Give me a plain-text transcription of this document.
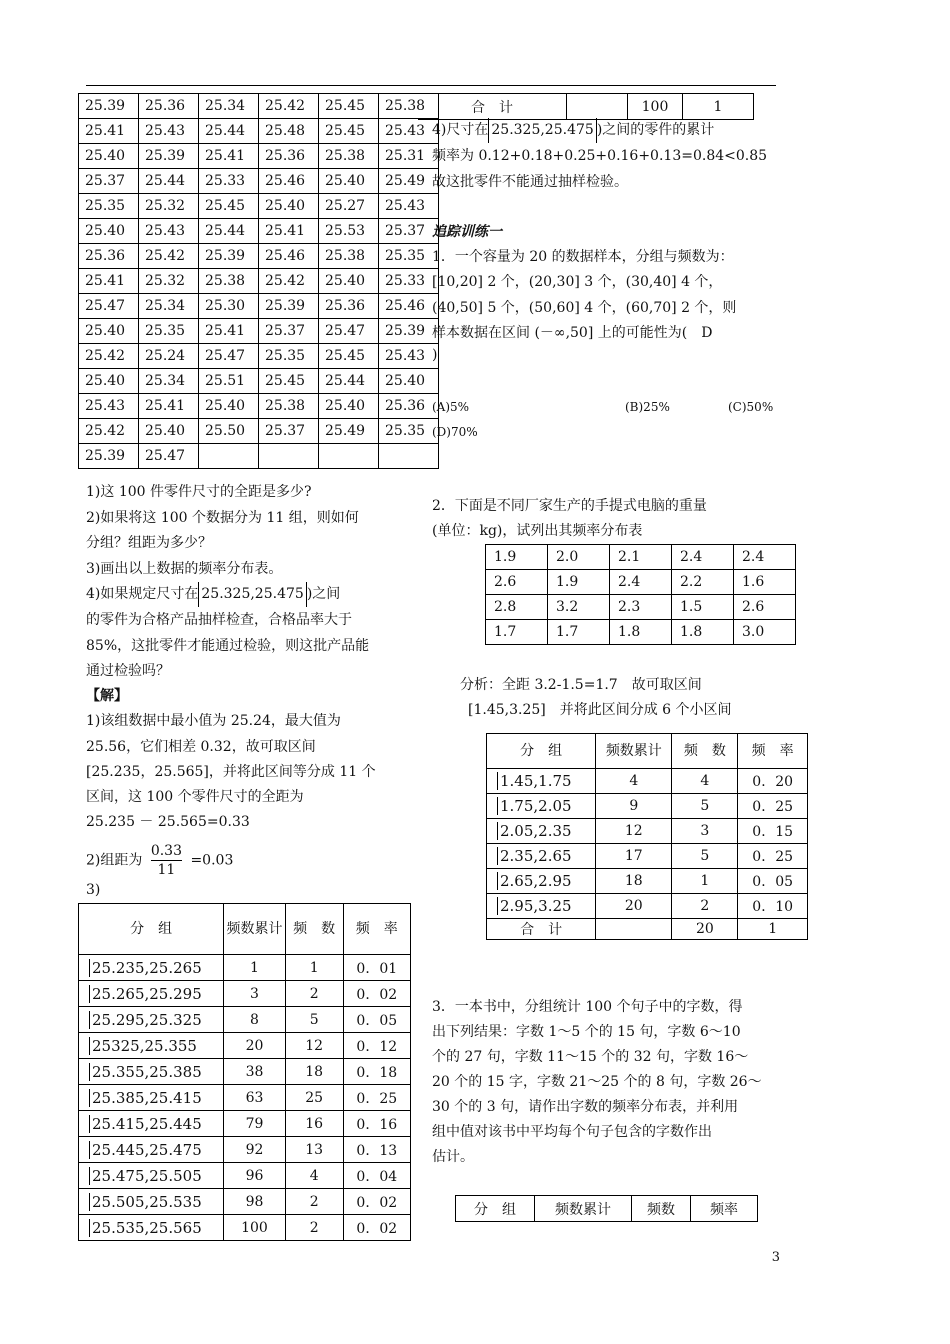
25.39	25.36	25.34	25.42	25.45	25.38
25.41	25.43	25.44	25.48	25.45	25.43
25.40	25.39	25.41	25.36	25.38	25.31
25.37	25.44	25.33	25.46	25.40	25.49
25.35	25.32	25.45	25.40	25.27	25.43
25.40	25.43	25.44	25.41	25.53	25.37
25.36	25.42	25.39	25.46	25.38	25.35
25.41	25.32	25.38	25.42	25.40	25.33
25.47	25.34	25.30	25.39	25.36	25.46
25.40	25.35	25.41	25.37	25.47	25.39
25.42	25.24	25.47	25.35	25.45	25.43
25.40	25.34	25.51	25.45	25.44	25.40
25.43	25.41	25.40	25.38	25.40	25.36
25.42	25.40	25.50	25.37	25.49	25.35
25.39	25.47				
1)这 100 件零件尺寸的全距是多少?
2)如果将这 100 个数据分为 11 组，则如何
分组？组距为多少？
3)画出以上数据的频率分布表。
4)如果规定尺寸在 25.325,25.475 )之间
的零件为合格产品抽样检查，合格品率大于
85%，这批零件才能通过检验，则这批产品能
通过检验吗？
【解】
1)该组数据中最小值为 25.24，最大值为
25.56，它们相差 0.32，故可取区间
[25.235，25.565]，并将此区间等分成 11 个
区间，这 100 个零件尺寸的全距为
25.235 － 25.565=0.33
2)组距为 $\frac{0.33}{11} =0.03$
3)
分　组	频数累计	频　数	频　率
25.235,25.265	1	1	0．01
25.265,25.295	3	2	0．02
25.295,25.325	8	5	0．05
25325,25.355	20	12	0．12
25.355,25.385	38	18	0．18
25.385,25.415	63	25	0．25
25.415,25.445	79	16	0．16
25.445,25.475	92	13	0．13
25.475,25.505	96	4	0．04
25.505,25.535	98	2	0．02
25.535,25.565	100	2	0．02
合　计		100	1
4)尺寸在 25.325,25.475 )之间的零件的累计
频率为 0.12+0.18+0.25+0.16+0.13=0.84<0.85
故这批零件不能通过抽样检验。
追踪训练一
1．一个容量为 20 的数据样本，分组与频数为：
[10,20] 2 个，(20,30] 3 个，(30,40] 4 个，
(40,50] 5 个，(50,60] 4 个，(60,70] 2 个，则
样本数据在区间 (－∞,50] 上的可能性为(　D
)
(A)5%	(B)25%	(C)50%
(D)70%
2．下面是不同厂家生产的手提式电脑的重量
(单位：kg)，试列出其频率分布表
1.9	2.0	2.1	2.4	2.4
2.6	1.9	2.4	2.2	1.6
2.8	3.2	2.3	1.5	2.6
1.7	1.7	1.8	1.8	3.0
分析：全距 3.2-1.5=1.7　故可取区间
[1.45,3.25]　并将此区间分成 6 个小区间
分　组	频数累计	频　数	频　率
1.45,1.75	4	4	0．20
1.75,2.05	9	5	0．25
2.05,2.35	12	3	0．15
2.35,2.65	17	5	0．25
2.65,2.95	18	1	0．05
2.95,3.25	20	2	0．10
合　计		20	1
3．一本书中，分组统计 100 个句子中的字数，得
出下列结果：字数 1～5 个的 15 句，字数 6～10
个的 27 句，字数 11～15 个的 32 句，字数 16～
20 个的 15 字，字数 21～25 个的 8 句，字数 26～
30 个的 3 句，请作出字数的频率分布表，并利用
组中值对该书中平均每个句子包含的字数作出
估计。
分　组	频数累计	频数	频率
3
